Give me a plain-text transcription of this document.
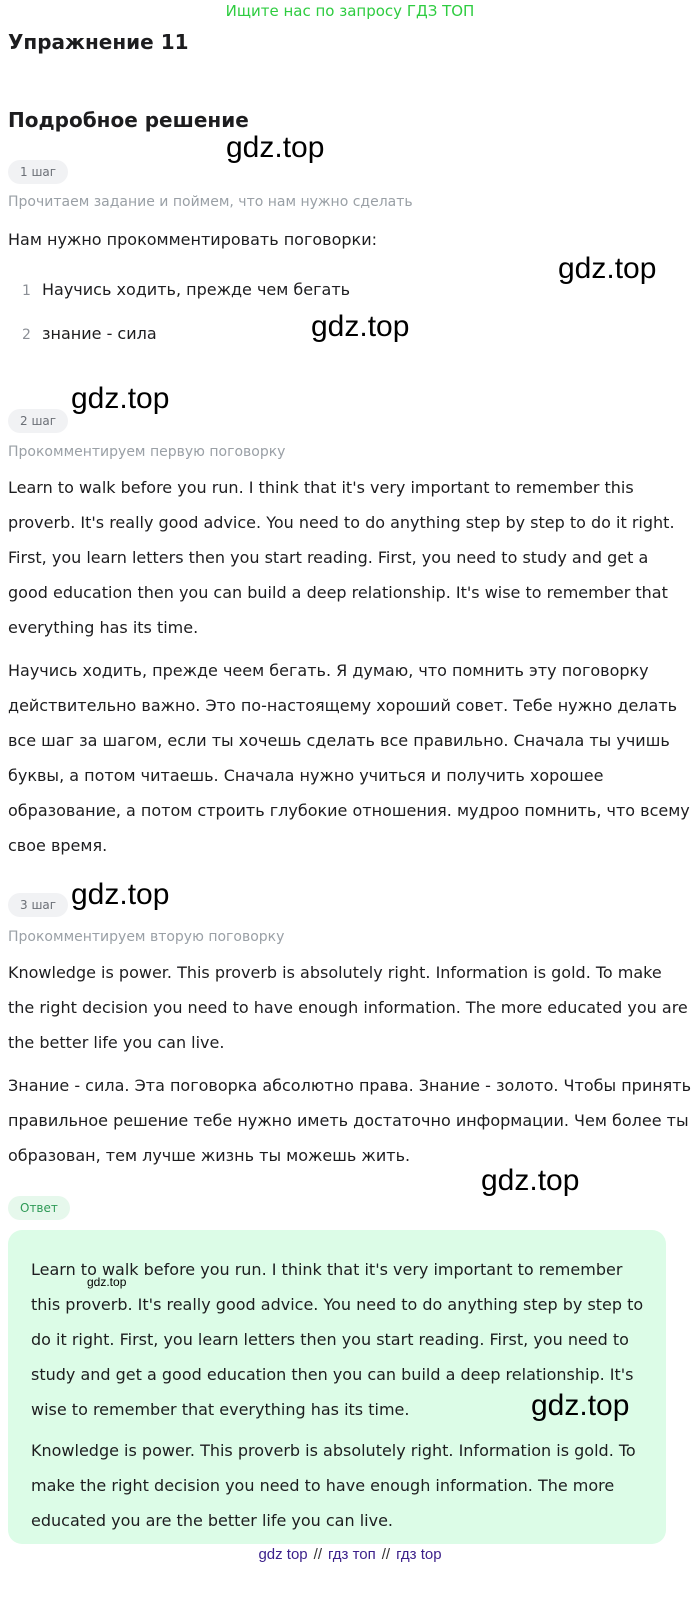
Ищите нас по запросу ГДЗ ТОП
Упражнение 11
Подробное решение
1 шаг
Прочитаем задание и поймем, что нам нужно сделать
Нам нужно прокомментировать поговорки:
1 Научись ходить, прежде чем бегать
2 знание - сила
2 шаг
Прокомментируем первую поговорку

Learn to walk before you run. I think that it's very important to remember this proverb. It's really good advice. You need to do anything step by step to do it right. First, you learn letters then you start reading. First, you need to study and get a good education then you can build a deep relationship. It's wise to remember that everything has its time.

Научись ходить, прежде чеем бегать. Я думаю, что помнить эту поговорку действительно важно. Это по-настоящему хороший совет. Тебе нужно делать все шаг за шагом, если ты хочешь сделать все правильно. Сначала ты учишь буквы, а потом читаешь. Сначала нужно учиться и получить хорошее образование, а потом строить глубокие отношения. мудроо помнить, что всему свое время.

3 шаг
Прокомментируем вторую поговорку

Knowledge is power. This proverb is absolutely right. Information is gold. To make the right decision you need to have enough information. The more educated you are the better life you can live.

Знание - сила. Эта поговорка абсолютно права. Знание - золото. Чтобы принять правильное решение тебе нужно иметь достаточно информации. Чем более ты образован, тем лучше жизнь ты можешь жить.

Ответ

Learn to walk before you run. I think that it's very important to remember this proverb. It's really good advice. You need to do anything step by step to do it right. First, you learn letters then you start reading. First, you need to study and get a good education then you can build a deep relationship. It's wise to remember that everything has its time.

Knowledge is power. This proverb is absolutely right. Information is gold. To make the right decision you need to have enough information. The more educated you are the better life you can live.

gdz.top
gdz.top
gdz.top
gdz.top
gdz.top
gdz.top
gdz.top
gdz.top
gdz top // гдз топ // гдз top
